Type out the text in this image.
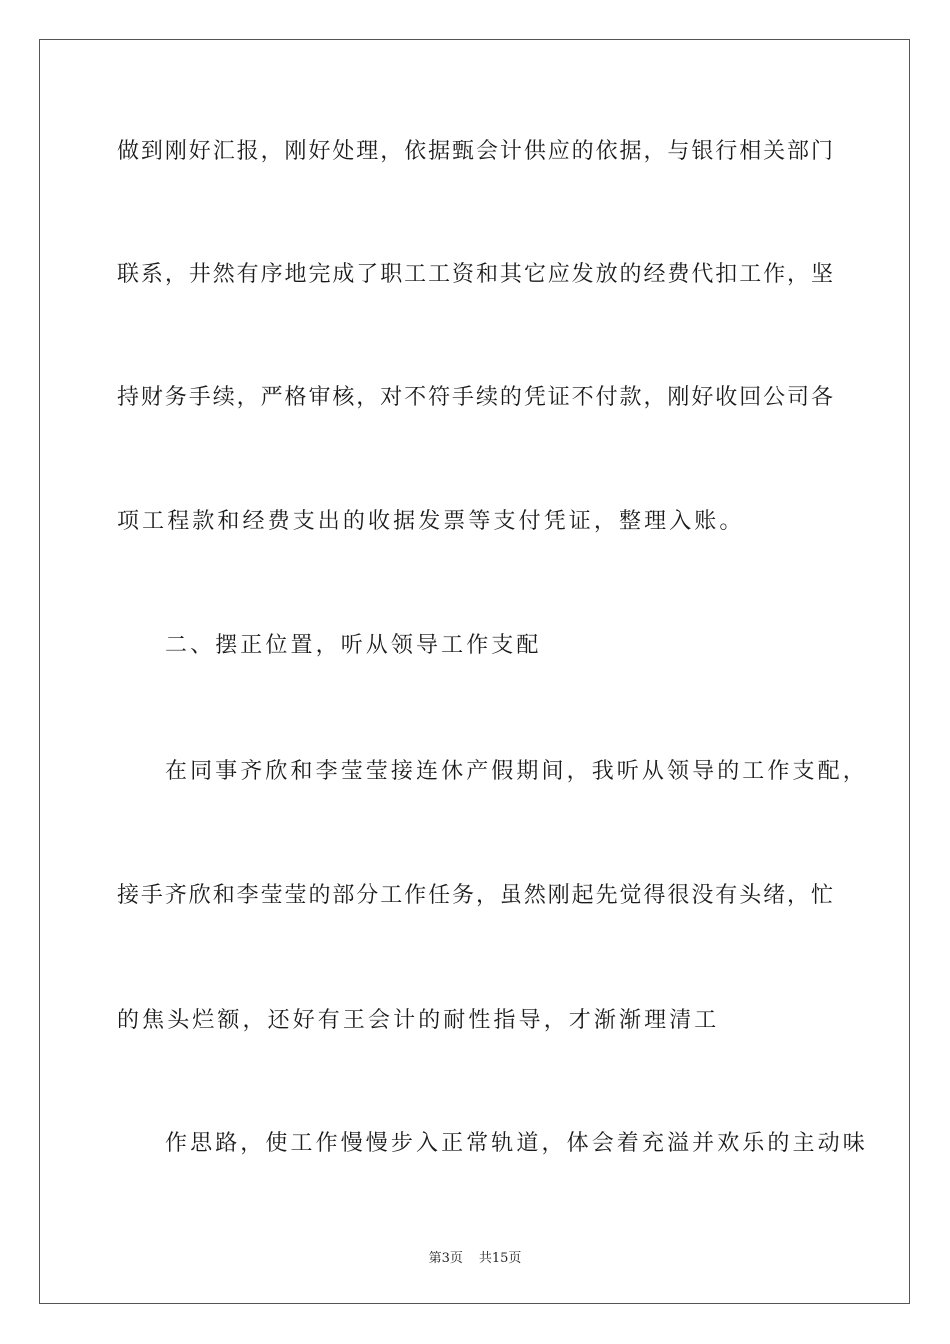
做到刚好汇报，刚好处理，依据甄会计供应的依据，与银行相关部门
联系，井然有序地完成了职工工资和其它应发放的经费代扣工作，坚
持财务手续，严格审核，对不符手续的凭证不付款，刚好收回公司各
项工程款和经费支出的收据发票等支付凭证，整理入账。
二、摆正位置，听从领导工作支配
在同事齐欣和李莹莹接连休产假期间，我听从领导的工作支配，
接手齐欣和李莹莹的部分工作任务，虽然刚起先觉得很没有头绪，忙
的焦头烂额，还好有王会计的耐性指导，才渐渐理清工
作思路，使工作慢慢步入正常轨道，体会着充溢并欢乐的主动味
第3页 共15页
